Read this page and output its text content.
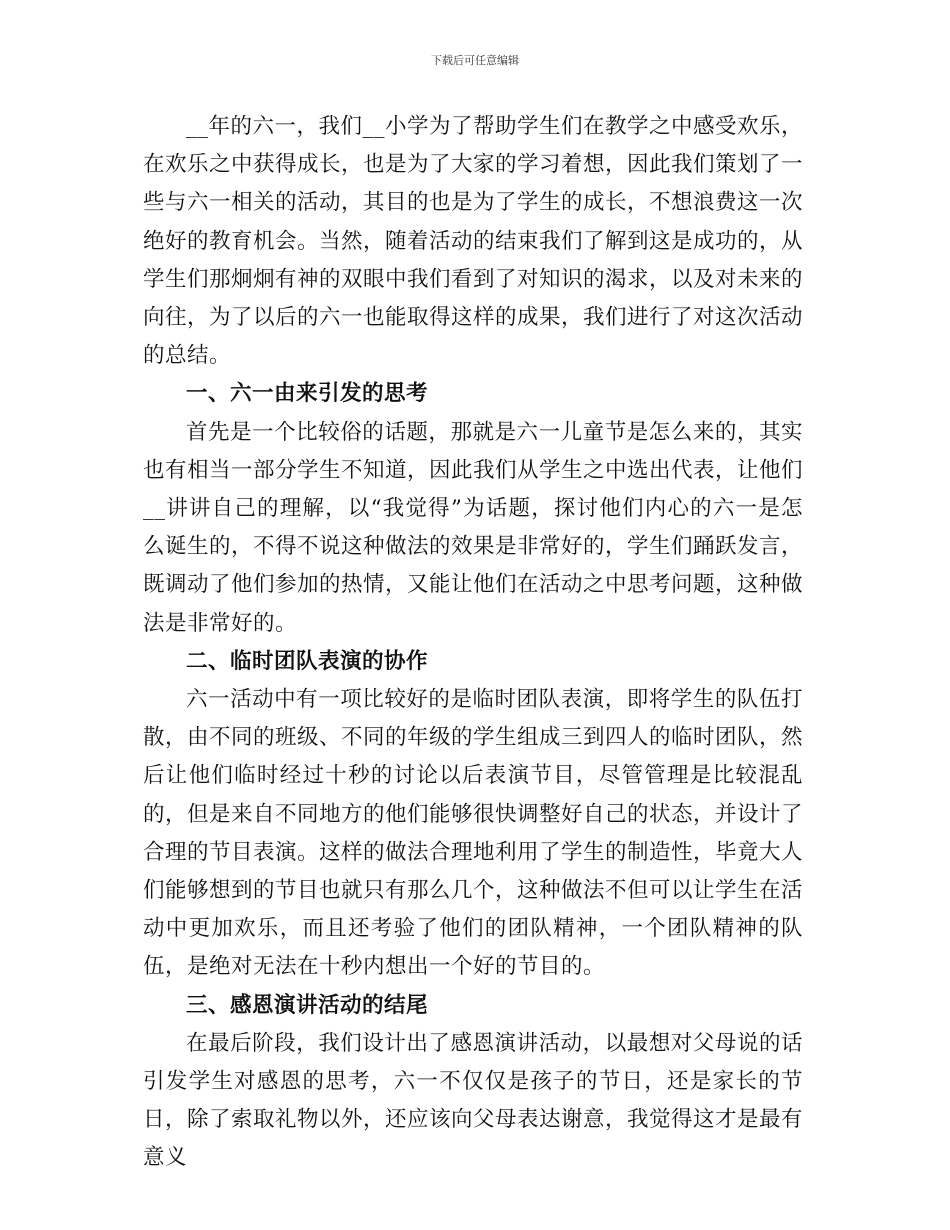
下载后可任意编辑

__年的六一，我们__小学为了帮助学生们在教学之中感受欢乐，在欢乐之中获得成长，也是为了大家的学习着想，因此我们策划了一些与六一相关的活动，其目的也是为了学生的成长，不想浪费这一次绝好的教育机会。当然，随着活动的结束我们了解到这是成功的，从学生们那炯炯有神的双眼中我们看到了对知识的渴求，以及对未来的向往，为了以后的六一也能取得这样的成果，我们进行了对这次活动的总结。

一、六一由来引发的思考

首先是一个比较俗的话题，那就是六一儿童节是怎么来的，其实也有相当一部分学生不知道，因此我们从学生之中选出代表，让他们__讲讲自己的理解，以“我觉得”为话题，探讨他们内心的六一是怎么诞生的，不得不说这种做法的效果是非常好的，学生们踊跃发言，既调动了他们参加的热情，又能让他们在活动之中思考问题，这种做法是非常好的。

二、临时团队表演的协作

六一活动中有一项比较好的是临时团队表演，即将学生的队伍打散，由不同的班级、不同的年级的学生组成三到四人的临时团队，然后让他们临时经过十秒的讨论以后表演节目，尽管管理是比较混乱的，但是来自不同地方的他们能够很快调整好自己的状态，并设计了合理的节目表演。这样的做法合理地利用了学生的制造性，毕竟大人们能够想到的节目也就只有那么几个，这种做法不但可以让学生在活动中更加欢乐，而且还考验了他们的团队精神，一个团队精神的队伍，是绝对无法在十秒内想出一个好的节目的。

三、感恩演讲活动的结尾

在最后阶段，我们设计出了感恩演讲活动，以最想对父母说的话引发学生对感恩的思考，六一不仅仅是孩子的节日，还是家长的节日，除了索取礼物以外，还应该向父母表达谢意，我觉得这才是最有意义
